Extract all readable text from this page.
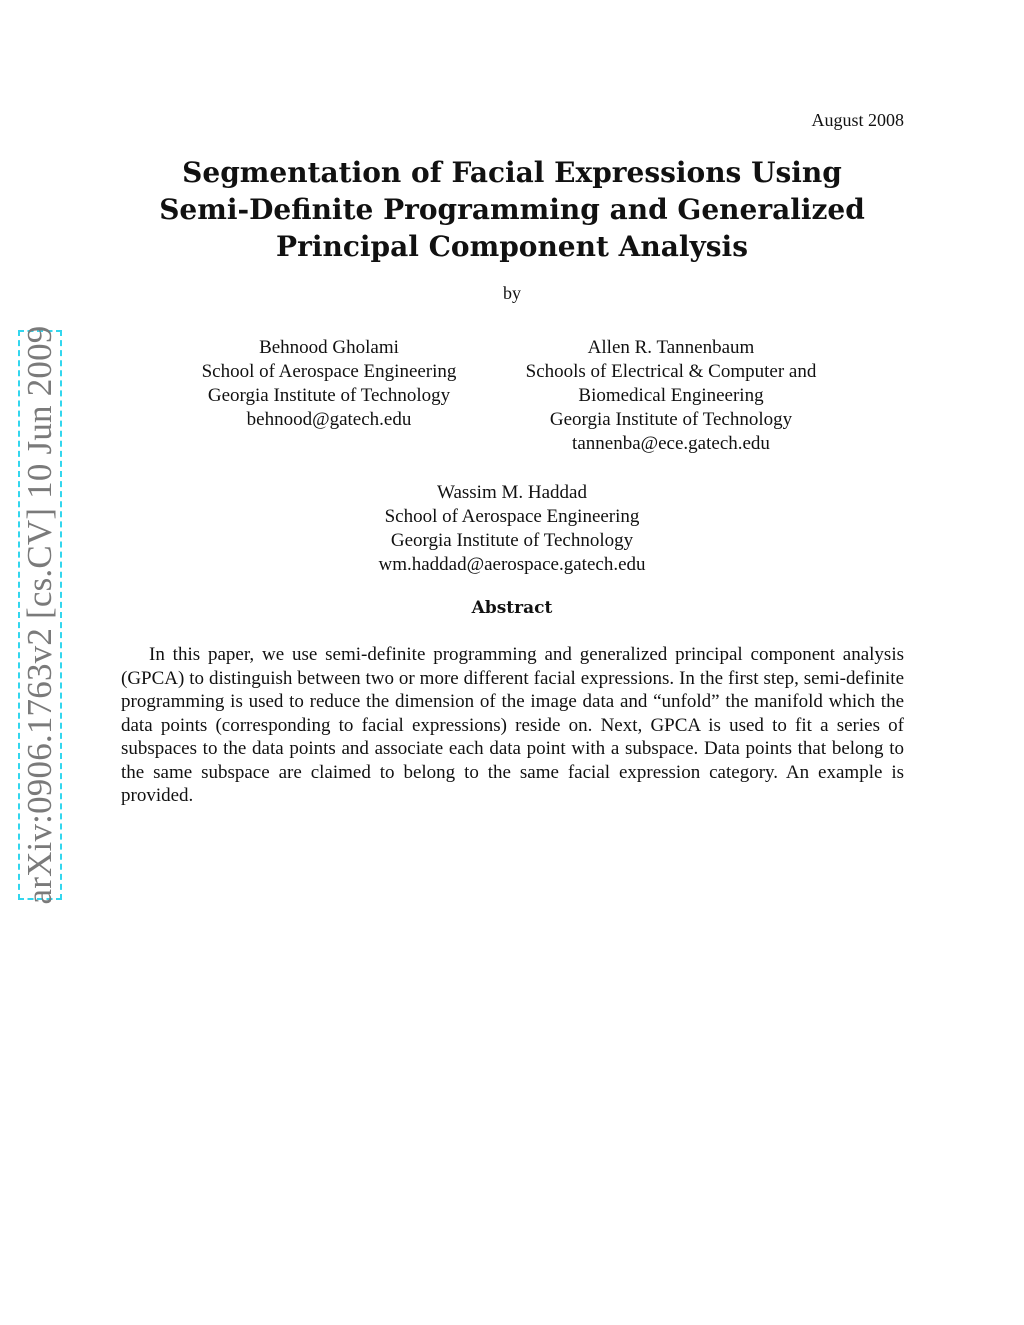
arXiv:0906.1763v2 [cs.CV] 10 Jun 2009
August 2008
Segmentation of Facial Expressions Using Semi-Definite Programming and Generalized Principal Component Analysis
by
Behnood Gholami
School of Aerospace Engineering
Georgia Institute of Technology
behnood@gatech.edu
Allen R. Tannenbaum
Schools of Electrical & Computer and
Biomedical Engineering
Georgia Institute of Technology
tannenba@ece.gatech.edu
Wassim M. Haddad
School of Aerospace Engineering
Georgia Institute of Technology
wm.haddad@aerospace.gatech.edu
Abstract

In this paper, we use semi-definite programming and generalized principal component analysis (GPCA) to distinguish between two or more different facial expressions. In the first step, semi-definite programming is used to reduce the dimension of the image data and “unfold” the manifold which the data points (corresponding to facial expressions) reside on. Next, GPCA is used to fit a series of subspaces to the data points and associate each data point with a subspace. Data points that belong to the same subspace are claimed to belong to the same facial expression category. An example is provided.
